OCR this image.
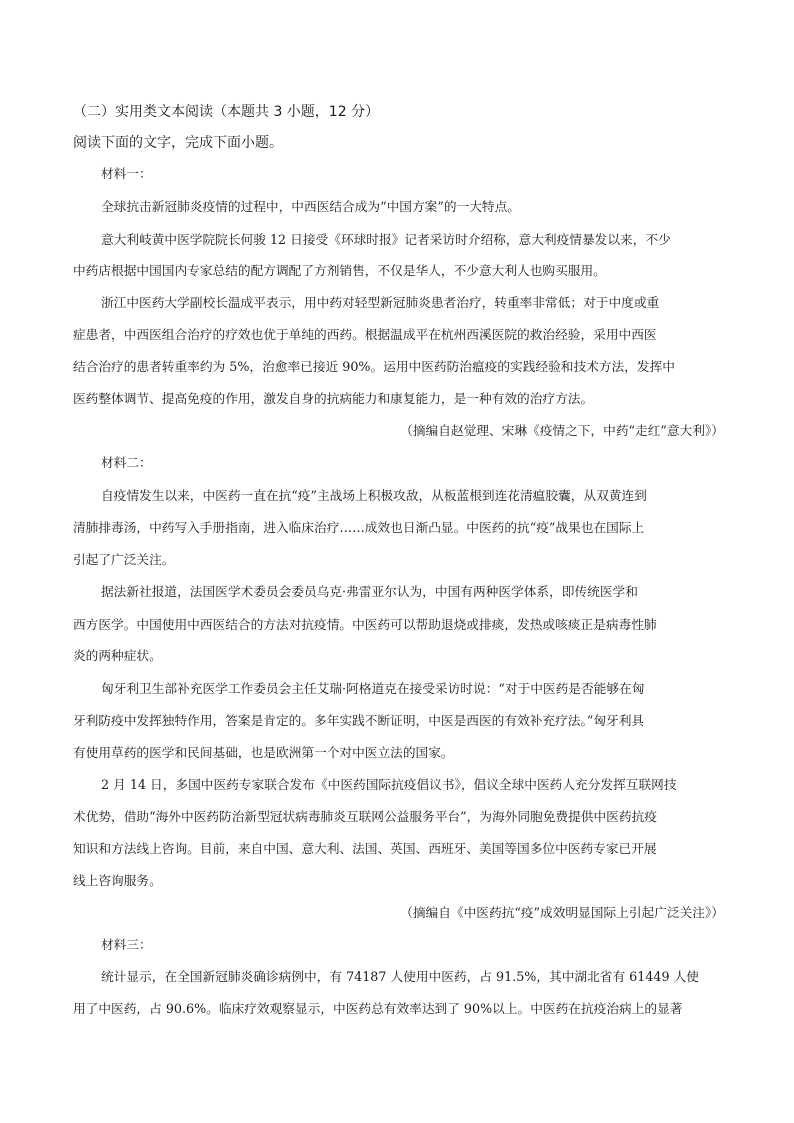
（二）实用类文本阅读（本题共 3 小题，12 分）
阅读下面的文字，完成下面小题。
材料一：
全球抗击新冠肺炎疫情的过程中，中西医结合成为“中国方案”的一大特点。
意大利岐黄中医学院院长何骏 12 日接受《环球时报》记者采访时介绍称，意大利疫情暴发以来，不少
中药店根据中国国内专家总结的配方调配了方剂销售，不仅是华人，不少意大利人也购买服用。
浙江中医药大学副校长温成平表示，用中药对轻型新冠肺炎患者治疗，转重率非常低；对于中度或重
症患者，中西医组合治疗的疗效也优于单纯的西药。根据温成平在杭州西溪医院的救治经验，采用中西医
结合治疗的患者转重率约为 5%，治愈率已接近 90%。运用中医药防治瘟疫的实践经验和技术方法，发挥中
医药整体调节、提高免疫的作用，激发自身的抗病能力和康复能力，是一种有效的治疗方法。
（摘编自赵觉理、宋琳《疫情之下，中药“走红”意大利》）
材料二：
自疫情发生以来，中医药一直在抗“疫”主战场上积极攻敌，从板蓝根到连花清瘟胶囊，从双黄连到
清肺排毒汤，中药写入手册指南，进入临床治疗……成效也日渐凸显。中医药的抗“疫”战果也在国际上
引起了广泛关注。
据法新社报道，法国医学术委员会委员乌克·弗雷亚尔认为，中国有两种医学体系，即传统医学和
西方医学。中国使用中西医结合的方法对抗疫情。中医药可以帮助退烧或排痰，发热或咳痰正是病毒性肺
炎的两种症状。
匈牙利卫生部补充医学工作委员会主任艾瑞·阿格道克在接受采访时说：“对于中医药是否能够在匈
牙利防疫中发挥独特作用，答案是肯定的。多年实践不断证明，中医是西医的有效补充疗法。”匈牙利具
有使用草药的医学和民间基础，也是欧洲第一个对中医立法的国家。
2 月 14 日，多国中医药专家联合发布《中医药国际抗疫倡议书》，倡议全球中医药人充分发挥互联网技
术优势，借助“海外中医药防治新型冠状病毒肺炎互联网公益服务平台”，为海外同胞免费提供中医药抗疫
知识和方法线上咨询。目前，来自中国、意大利、法国、英国、西班牙、美国等国多位中医药专家已开展
线上咨询服务。
（摘编自《中医药抗“疫”成效明显国际上引起广泛关注》）
材料三：
统计显示，在全国新冠肺炎确诊病例中，有 74187 人使用中医药，占 91.5%，其中湖北省有 61449 人使
用了中医药，占 90.6%。临床疗效观察显示，中医药总有效率达到了 90%以上。中医药在抗疫治病上的显著
